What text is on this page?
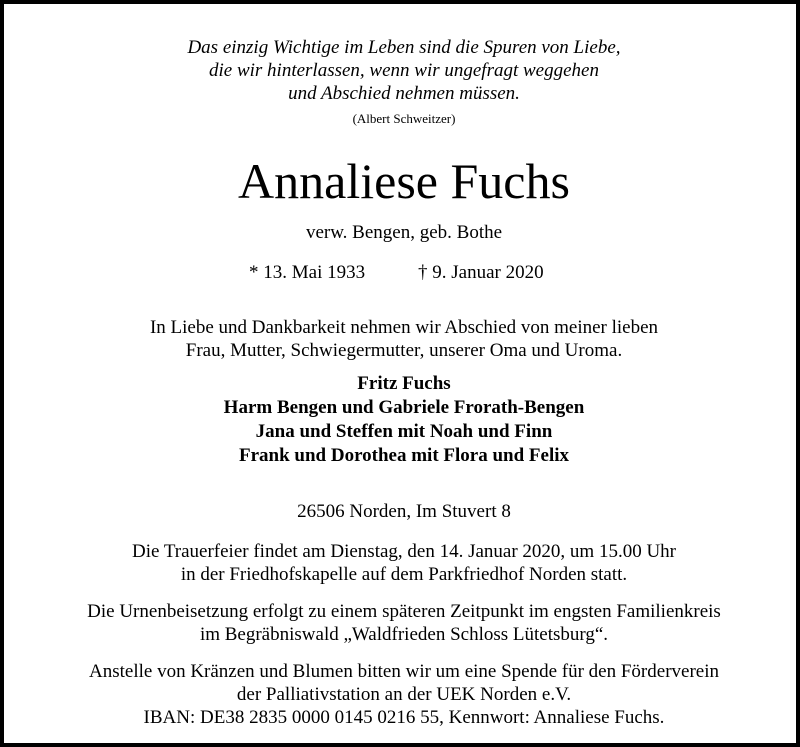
Das einzig Wichtige im Leben sind die Spuren von Liebe,
die wir hinterlassen, wenn wir ungefragt weggehen
und Abschied nehmen müssen.
(Albert Schweitzer)
Annaliese Fuchs
verw. Bengen, geb. Bothe
* 13. Mai 1933	† 9. Januar 2020
In Liebe und Dankbarkeit nehmen wir Abschied von meiner lieben
Frau, Mutter, Schwiegermutter, unserer Oma und Uroma.
Fritz Fuchs
Harm Bengen und Gabriele Frorath-Bengen
Jana und Steffen mit Noah und Finn
Frank und Dorothea mit Flora und Felix
26506 Norden, Im Stuvert 8
Die Trauerfeier findet am Dienstag, den 14. Januar 2020, um 15.00 Uhr
in der Friedhofskapelle auf dem Parkfriedhof Norden statt.
Die Urnenbeisetzung erfolgt zu einem späteren Zeitpunkt im engsten Familienkreis
im Begräbniswald „Waldfrieden Schloss Lütetsburg“.
Anstelle von Kränzen und Blumen bitten wir um eine Spende für den Förderverein
der Palliativstation an der UEK Norden e.V.
IBAN: DE38 2835 0000 0145 0216 55, Kennwort: Annaliese Fuchs.
